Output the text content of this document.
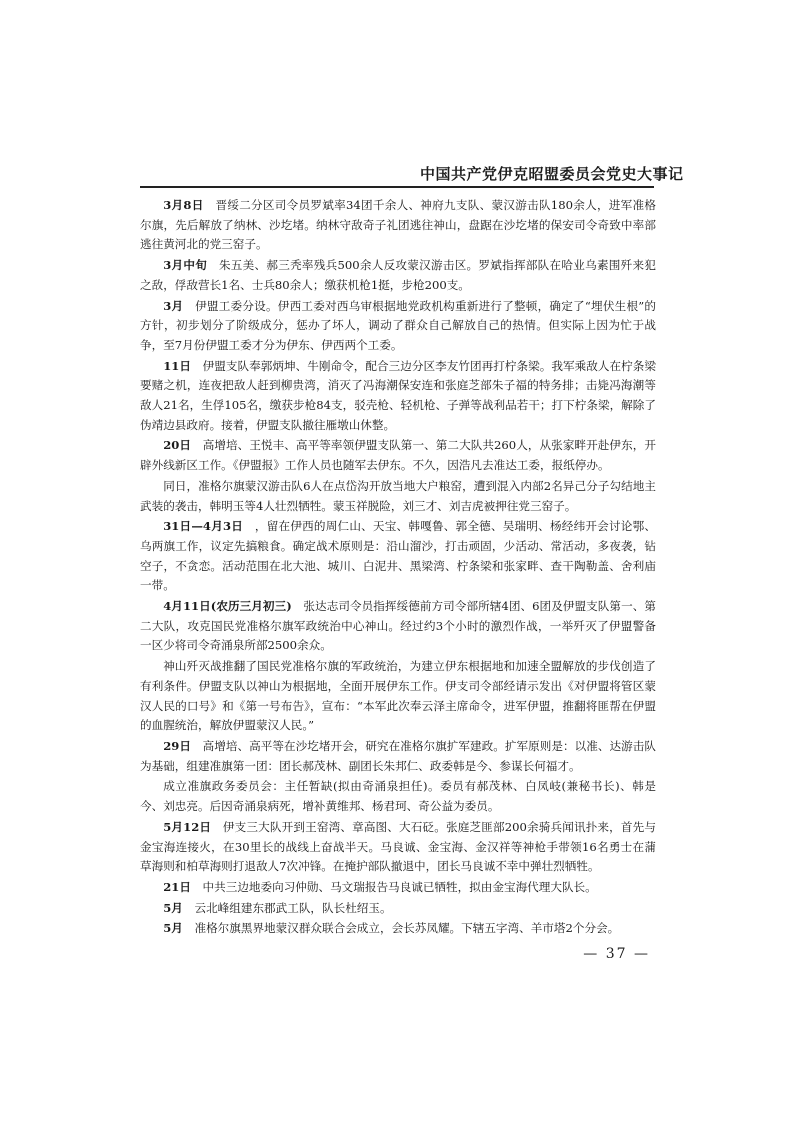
中国共产党伊克昭盟委员会党史大事记

3月8日　 晋绥二分区司令员罗斌率34团千余人、神府九支队、蒙汉游击队180余人，进军准格尔旗，先后解放了纳林、沙圪堵。纳林守敌奇子礼团逃往神山，盘踞在沙圪堵的保安司令奇致中率部逃往黄河北的党三窑子。

3月中旬　 朱五美、郝三秃率残兵500余人反攻蒙汉游击区。罗斌指挥部队在哈业乌素围歼来犯之敌，俘敌营长1名、士兵80余人；缴获机枪1挺，步枪200支。

3月　 伊盟工委分设。伊西工委对西乌审根据地党政机构重新进行了整顿，确定了“埋伏生根”的方针，初步划分了阶级成分，惩办了坏人，调动了群众自己解放自己的热情。但实际上因为忙于战争，至7月份伊盟工委才分为伊东、伊西两个工委。

11日　 伊盟支队奉郭炳坤、牛刚命令，配合三边分区李友竹团再打柠条梁。我军乘敌人在柠条梁要赌之机，连夜把敌人赶到柳贵湾，消灭了冯海潮保安连和张庭芝部朱子福的特务排；击毙冯海潮等敌人21名，生俘105名，缴获步枪84支，驳壳枪、轻机枪、子弹等战利品若干；打下柠条梁，解除了伪靖边县政府。接着，伊盟支队撤往雁墩山休整。

20日　 高增培、王悦丰、高平等率领伊盟支队第一、第二大队共260人，从张家畔开赴伊东，开辟外线新区工作。《伊盟报》工作人员也随军去伊东。不久，因浩凡去准达工委，报纸停办。

同日，准格尔旗蒙汉游击队6人在点岱沟开放当地大户粮窑，遭到混入内部2名异己分子勾结地主武装的袭击，韩明玉等4人壮烈牺牲。蒙玉祥脱险，刘三才、刘吉虎被押往党三窑子。

31日—4月3日　 ，留在伊西的周仁山、天宝、韩嘎鲁、郭全德、吴瑞明、杨经纬开会讨论鄂、乌两旗工作，议定先搞粮食。确定战术原则是：沿山溜沙，打击顽固，少活动、常活动，多夜袭，钻空子，不贪恋。活动范围在北大池、城川、白泥井、黑梁湾、柠条梁和张家畔、查干陶勒盖、舍利庙一带。

4月11日(农历三月初三)　 张达志司令员指挥绥德前方司令部所辖4团、6团及伊盟支队第一、第二大队，攻克国民党准格尔旗军政统治中心神山。经过约3个小时的激烈作战，一举歼灭了伊盟警备一区少将司令奇涌泉所部2500余众。

神山歼灭战推翻了国民党准格尔旗的军政统治，为建立伊东根据地和加速全盟解放的步伐创造了有利条件。伊盟支队以神山为根据地，全面开展伊东工作。伊支司令部经请示发出《对伊盟将管区蒙汉人民的口号》和《第一号布告》，宣布：“本军此次奉云泽主席命令，进军伊盟，推翻将匪帮在伊盟的血腥统治，解放伊盟蒙汉人民。”

29日　 高增培、高平等在沙圪堵开会，研究在准格尔旗扩军建政。扩军原则是：以准、达游击队为基础，组建准旗第一团：团长郝茂林、副团长朱邦仁、政委韩是今、参谋长何福才。

成立准旗政务委员会：主任暂缺(拟由奇涌泉担任)。委员有郝茂林、白凤岐(兼秘书长)、韩是今、刘忠亮。后因奇涌泉病死，增补黄维邦、杨君珂、奇公益为委员。

5月12日　 伊支三大队开到王窑湾、章高图、大石砭。张庭芝匪部200余骑兵闻讯扑来，首先与金宝海连接火，在30里长的战线上奋战半天。马良诚、金宝海、金汉祥等神枪手带领16名勇士在蒲草海则和柏草海则打退敌人7次冲锋。在掩护部队撤退中，团长马良诚不幸中弹壮烈牺牲。

21日　 中共三边地委向习仲勋、马文瑞报告马良诚已牺牲，拟由金宝海代理大队长。

5月　 云北峰组建东郡武工队，队长杜绍玉。

5月　 准格尔旗黑界地蒙汉群众联合会成立，会长苏凤耀。下辖五字湾、羊市塔2个分会。

— 37 —
